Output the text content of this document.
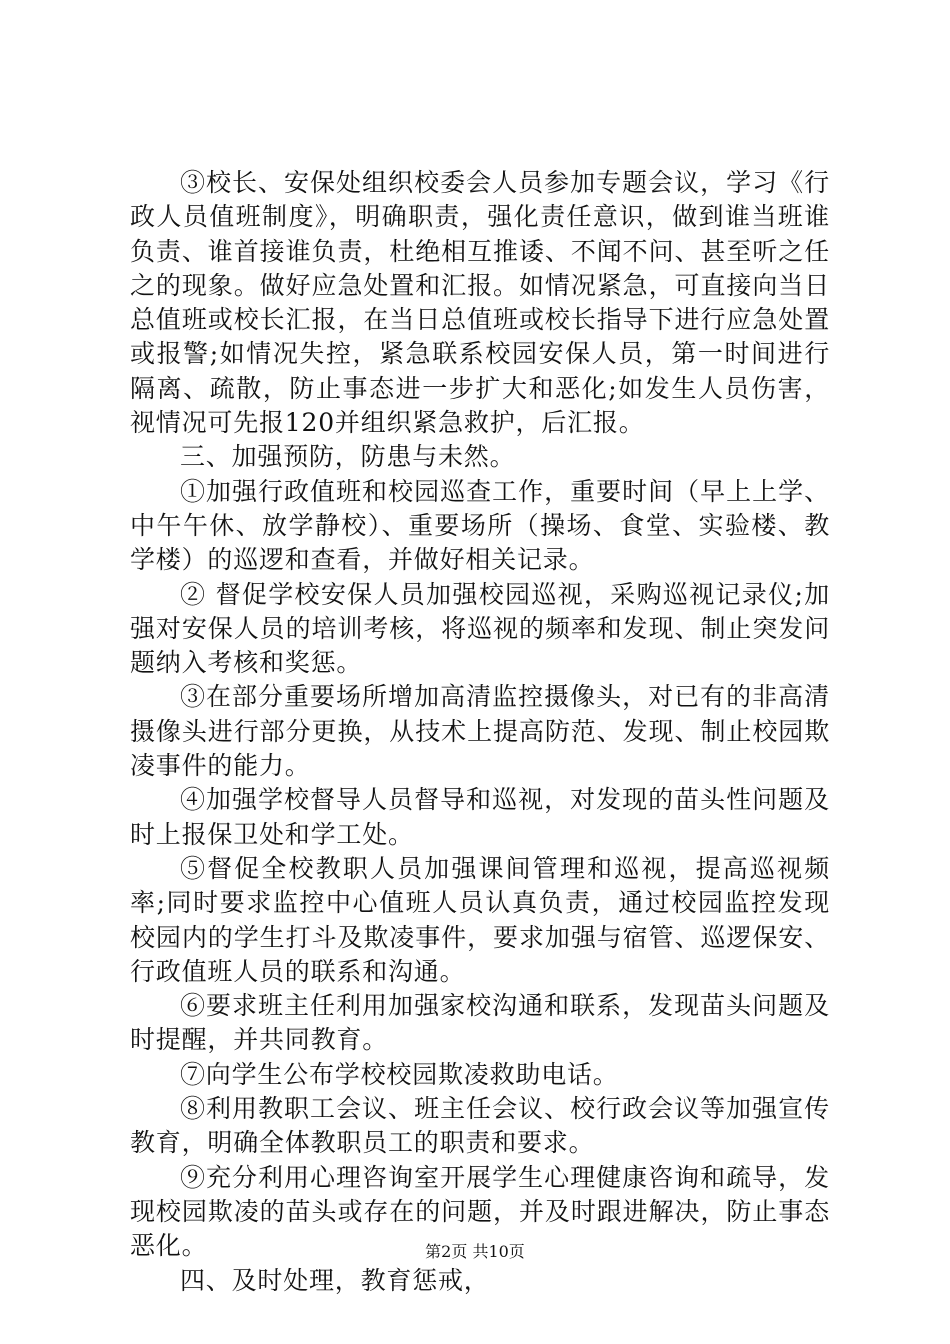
③校长、安保处组织校委会人员参加专题会议，学习《行政人员值班制度》，明确职责，强化责任意识，做到谁当班谁负责、谁首接谁负责，杜绝相互推诿、不闻不问、甚至听之任之的现象。做好应急处置和汇报。如情况紧急，可直接向当日总值班或校长汇报，在当日总值班或校长指导下进行应急处置或报警;如情况失控，紧急联系校园安保人员，第一时间进行隔离、疏散，防止事态进一步扩大和恶化;如发生人员伤害，视情况可先报120并组织紧急救护，后汇报。

三、加强预防，防患与未然。

①加强行政值班和校园巡查工作，重要时间（早上上学、中午午休、放学静校）、重要场所（操场、食堂、实验楼、教学楼）的巡逻和查看，并做好相关记录。

② 督促学校安保人员加强校园巡视，采购巡视记录仪;加强对安保人员的培训考核，将巡视的频率和发现、制止突发问题纳入考核和奖惩。

③在部分重要场所增加高清监控摄像头，对已有的非高清摄像头进行部分更换，从技术上提高防范、发现、制止校园欺凌事件的能力。

④加强学校督导人员督导和巡视，对发现的苗头性问题及时上报保卫处和学工处。

⑤督促全校教职人员加强课间管理和巡视，提高巡视频率;同时要求监控中心值班人员认真负责，通过校园监控发现校园内的学生打斗及欺凌事件，要求加强与宿管、巡逻保安、行政值班人员的联系和沟通。

⑥要求班主任利用加强家校沟通和联系，发现苗头问题及时提醒，并共同教育。

⑦向学生公布学校校园欺凌救助电话。

⑧利用教职工会议、班主任会议、校行政会议等加强宣传教育，明确全体教职员工的职责和要求。

⑨充分利用心理咨询室开展学生心理健康咨询和疏导，发现校园欺凌的苗头或存在的问题，并及时跟进解决，防止事态恶化。

四、及时处理，教育惩戒，

第2页 共10页
